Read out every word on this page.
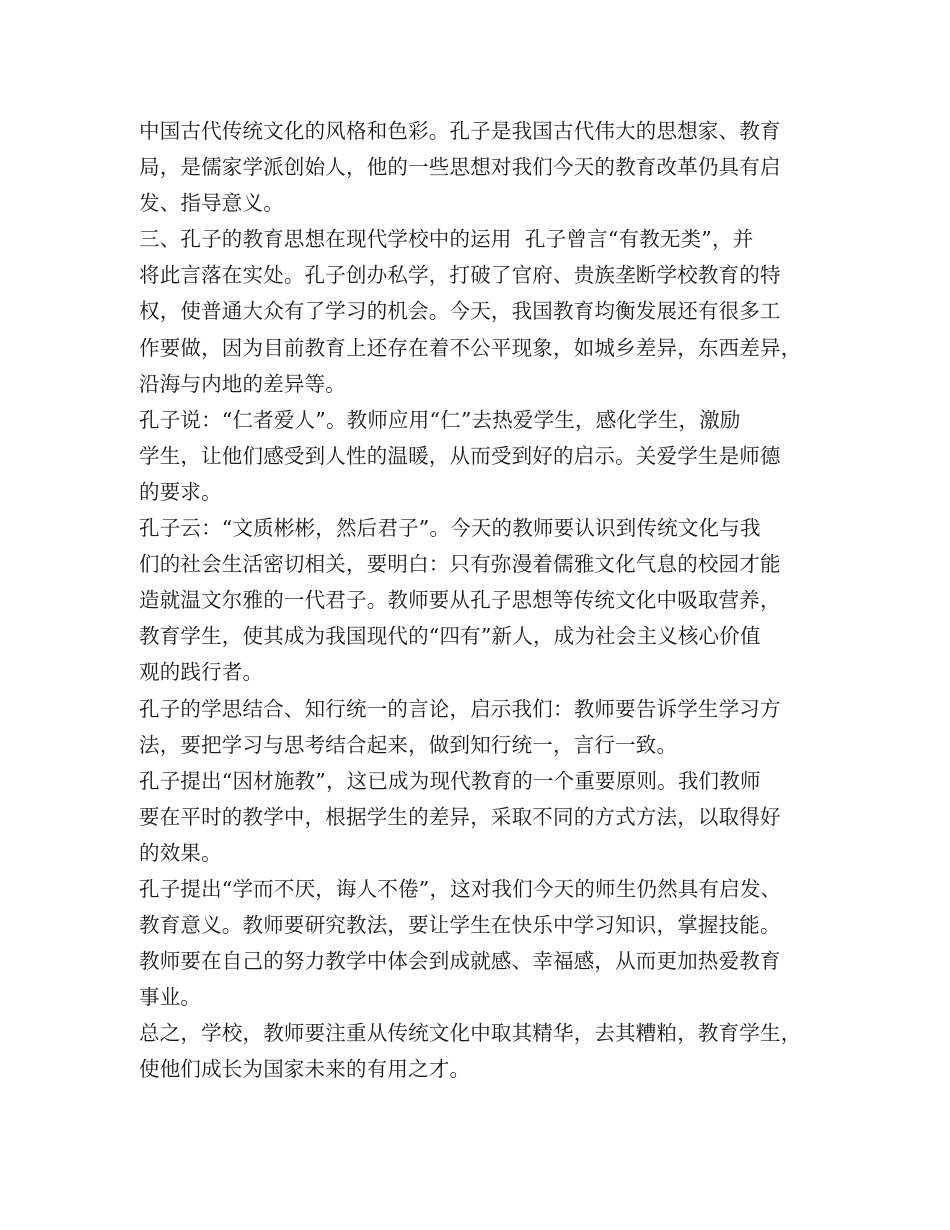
中国古代传统文化的风格和色彩。孔子是我国古代伟大的思想家、教育
局，是儒家学派创始人，他的一些思想对我们今天的教育改革仍具有启
发、指导意义。
三、孔子的教育思想在现代学校中的运用  孔子曾言“有教无类”，并
将此言落在实处。孔子创办私学，打破了官府、贵族垄断学校教育的特
权，使普通大众有了学习的机会。今天，我国教育均衡发展还有很多工
作要做，因为目前教育上还存在着不公平现象，如城乡差异，东西差异，
沿海与内地的差异等。
孔子说：“仁者爱人”。教师应用“仁”去热爱学生，感化学生，激励
学生，让他们感受到人性的温暖，从而受到好的启示。关爱学生是师德
的要求。
孔子云：“文质彬彬，然后君子”。今天的教师要认识到传统文化与我
们的社会生活密切相关，要明白：只有弥漫着儒雅文化气息的校园才能
造就温文尔雅的一代君子。教师要从孔子思想等传统文化中吸取营养，
教育学生，使其成为我国现代的“四有”新人，成为社会主义核心价值
观的践行者。
孔子的学思结合、知行统一的言论，启示我们：教师要告诉学生学习方
法，要把学习与思考结合起来，做到知行统一，言行一致。
孔子提出“因材施教”，这已成为现代教育的一个重要原则。我们教师
要在平时的教学中，根据学生的差异，采取不同的方式方法，以取得好
的效果。
孔子提出“学而不厌，诲人不倦”，这对我们今天的师生仍然具有启发、
教育意义。教师要研究教法，要让学生在快乐中学习知识，掌握技能。
教师要在自己的努力教学中体会到成就感、幸福感，从而更加热爱教育
事业。
总之，学校，教师要注重从传统文化中取其精华，去其糟粕，教育学生，
使他们成长为国家未来的有用之才。
